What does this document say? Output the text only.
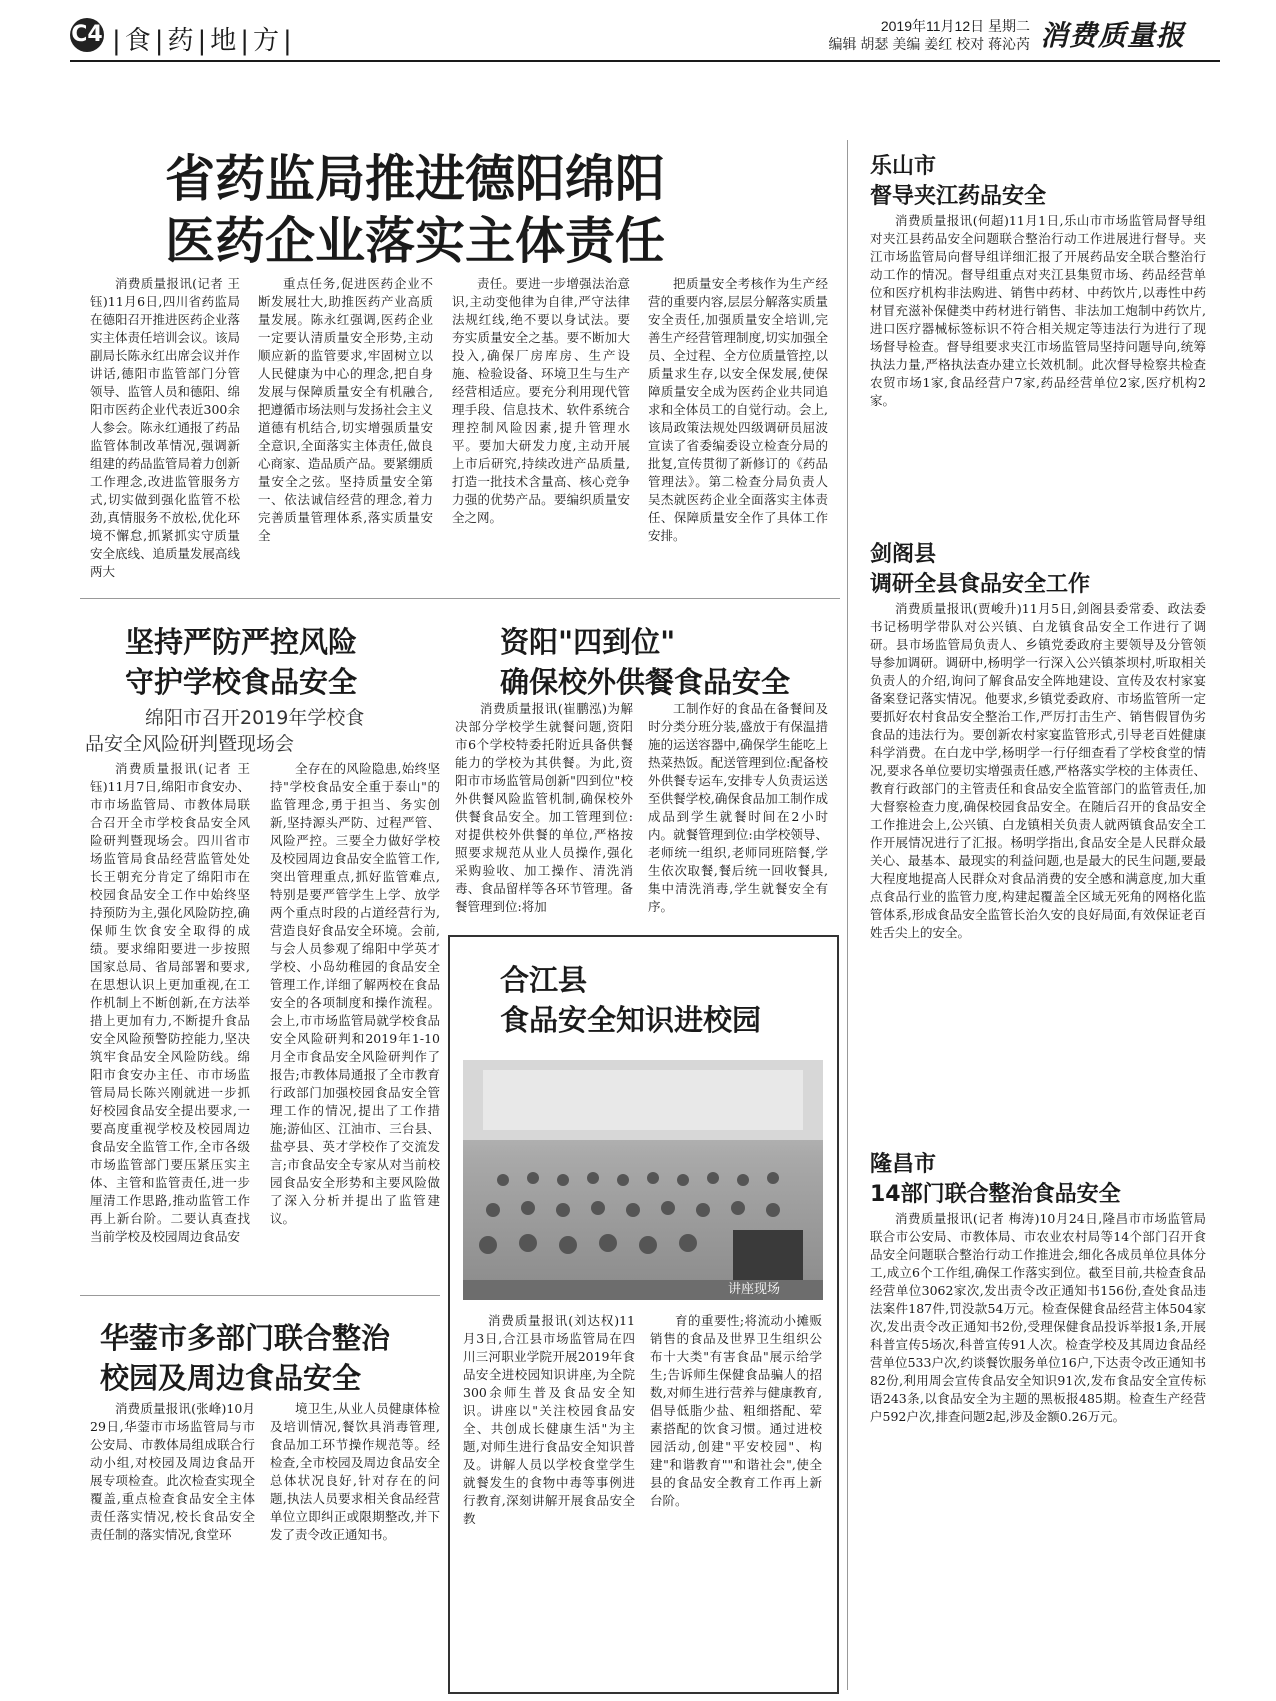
C4 |食|药|地|方|	2019年11月12日 星期二
编辑 胡瑟 美编 姜红 校对 蒋沁芮 消费质量报
省药监局推进德阳绵阳
医药企业落实主体责任
消费质量报讯(记者 王钰)11月6日,四川省药监局在德阳召开推进医药企业落实主体责任培训会议。该局副局长陈永红出席会议并作讲话,德阳市监管部门分管领导、监管人员和德阳、绵阳市医药企业代表近300余人参会。陈永红通报了药品监管体制改革情况,强调新组建的药品监管局着力创新工作理念,改进监管服务方式,切实做到强化监管不松劲,真情服务不放松,优化环境不懈怠,抓紧抓实守质量安全底线、追质量发展高线两大
重点任务,促进医药企业不断发展壮大,助推医药产业高质量发展。陈永红强调,医药企业一定要认清质量安全形势,主动顺应新的监管要求,牢固树立以人民健康为中心的理念,把自身发展与保障质量安全有机融合,把遵循市场法则与发扬社会主义道德有机结合,切实增强质量安全意识,全面落实主体责任,做良心商家、造品质产品。要紧绷质量安全之弦。坚持质量安全第一、依法诚信经营的理念,着力完善质量管理体系,落实质量安全
责任。要进一步增强法治意识,主动变他律为自律,严守法律法规红线,绝不要以身试法。要夯实质量安全之基。要不断加大投入,确保厂房库房、生产设施、检验设备、环境卫生与生产经营相适应。要充分利用现代管理手段、信息技术、软件系统合理控制风险因素,提升管理水平。要加大研发力度,主动开展上市后研究,持续改进产品质量,打造一批技术含量高、核心竞争力强的优势产品。要编织质量安全之网。
把质量安全考核作为生产经营的重要内容,层层分解落实质量安全责任,加强质量安全培训,完善生产经营管理制度,切实加强全员、全过程、全方位质量管控,以质量求生存,以安全保发展,使保障质量安全成为医药企业共同追求和全体员工的自觉行动。会上,该局政策法规处四级调研员屈波宣读了省委编委设立检查分局的批复,宣传贯彻了新修订的《药品管理法》。第二检查分局负责人吴杰就医药企业全面落实主体责任、保障质量安全作了具体工作安排。
坚持严防严控风险
守护学校食品安全
绵阳市召开2019年学校食
品安全风险研判暨现场会
消费质量报讯(记者 王钰)11月7日,绵阳市食安办、市市场监管局、市教体局联合召开全市学校食品安全风险研判暨现场会。四川省市场监管局食品经营监管处处长王朝充分肯定了绵阳市在校园食品安全工作中始终坚持预防为主,强化风险防控,确保师生饮食安全取得的成绩。要求绵阳要进一步按照国家总局、省局部署和要求,在思想认识上更加重视,在工作机制上不断创新,在方法举措上更加有力,不断提升食品安全风险预警防控能力,坚决筑牢食品安全风险防线。绵阳市食安办主任、市市场监管局局长陈兴刚就进一步抓好校园食品安全提出要求,一要高度重视学校及校园周边食品安全监管工作,全市各级市场监管部门要压紧压实主体、主管和监管责任,进一步厘清工作思路,推动监管工作再上新台阶。二要认真查找当前学校及校园周边食品安
全存在的风险隐患,始终坚持"学校食品安全重于泰山"的监管理念,勇于担当、务实创新,坚持源头严防、过程严管、风险严控。三要全力做好学校及校园周边食品安全监管工作,突出管理重点,抓好监管难点,特别是要严管学生上学、放学两个重点时段的占道经营行为,营造良好食品安全环境。会前,与会人员参观了绵阳中学英才学校、小岛幼稚园的食品安全管理工作,详细了解两校在食品安全的各项制度和操作流程。会上,市市场监管局就学校食品安全风险研判和2019年1-10月全市食品安全风险研判作了报告;市教体局通报了全市教育行政部门加强校园食品安全管理工作的情况,提出了工作措施;游仙区、江油市、三台县、盐亭县、英才学校作了交流发言;市食品安全专家从对当前校园食品安全形势和主要风险做了深入分析并提出了监管建议。
资阳"四到位"
确保校外供餐食品安全
消费质量报讯(崔鹏泓)为解决部分学校学生就餐问题,资阳市6个学校特委托附近具备供餐能力的学校为其供餐。为此,资阳市市场监管局创新"四到位"校外供餐风险监管机制,确保校外供餐食品安全。加工管理到位:对提供校外供餐的单位,严格按照要求规范从业人员操作,强化采购验收、加工操作、清洗消毒、食品留样等各环节管理。备餐管理到位:将加
工制作好的食品在备餐间及时分类分班分装,盛放于有保温措施的运送容器中,确保学生能吃上热菜热饭。配送管理到位:配备校外供餐专运车,安排专人负责运送至供餐学校,确保食品加工制作成成品到学生就餐时间在2小时内。就餐管理到位:由学校领导、老师统一组织,老师同班陪餐,学生依次取餐,餐后统一回收餐具,集中清洗消毒,学生就餐安全有序。
合江县
食品安全知识进校园
讲座现场
消费质量报讯(刘达权)11月3日,合江县市场监管局在四川三河职业学院开展2019年食品安全进校园知识讲座,为全院300余师生普及食品安全知识。讲座以"关注校园食品安全、共创成长健康生活"为主题,对师生进行食品安全知识普及。讲解人员以学校食堂学生就餐发生的食物中毒等事例进行教育,深刻讲解开展食品安全教
育的重要性;将流动小摊贩销售的食品及世界卫生组织公布十大类"有害食品"展示给学生;告诉师生保健食品骗人的招数,对师生进行营养与健康教育,倡导低脂少盐、粗细搭配、荤素搭配的饮食习惯。通过进校园活动,创建"平安校园"、构建"和谐教育""和谐社会",使全县的食品安全教育工作再上新台阶。
华蓥市多部门联合整治
校园及周边食品安全
消费质量报讯(张峰)10月29日,华蓥市市场监管局与市公安局、市教体局组成联合行动小组,对校园及周边食品开展专项检查。此次检查实现全覆盖,重点检查食品安全主体责任落实情况,校长食品安全责任制的落实情况,食堂环
境卫生,从业人员健康体检及培训情况,餐饮具消毒管理,食品加工环节操作规范等。经检查,全市校园及周边食品安全总体状况良好,针对存在的问题,执法人员要求相关食品经营单位立即纠正或限期整改,并下发了责令改正通知书。
乐山市
督导夹江药品安全
消费质量报讯(何超)11月1日,乐山市市场监管局督导组对夹江县药品安全问题联合整治行动工作进展进行督导。夹江市场监管局向督导组详细汇报了开展药品安全联合整治行动工作的情况。督导组重点对夹江县集贸市场、药品经营单位和医疗机构非法购进、销售中药材、中药饮片,以毒性中药材冒充滋补保健类中药材进行销售、非法加工炮制中药饮片,进口医疗器械标签标识不符合相关规定等违法行为进行了现场督导检查。督导组要求夹江市场监管局坚持问题导向,统筹执法力量,严格执法查办建立长效机制。此次督导检察共检查农贸市场1家,食品经营户7家,药品经营单位2家,医疗机构2家。
剑阁县
调研全县食品安全工作
消费质量报讯(贾峻升)11月5日,剑阁县委常委、政法委书记杨明学带队对公兴镇、白龙镇食品安全工作进行了调研。县市场监管局负责人、乡镇党委政府主要领导及分管领导参加调研。调研中,杨明学一行深入公兴镇茶坝村,听取相关负责人的介绍,询问了解食品安全阵地建设、宣传及农村家宴备案登记落实情况。他要求,乡镇党委政府、市场监管所一定要抓好农村食品安全整治工作,严厉打击生产、销售假冒伪劣食品的违法行为。要创新农村家宴监管形式,引导老百姓健康科学消费。在白龙中学,杨明学一行仔细查看了学校食堂的情况,要求各单位要切实增强责任感,严格落实学校的主体责任、教育行政部门的主管责任和食品安全监管部门的监管责任,加大督察检查力度,确保校园食品安全。在随后召开的食品安全工作推进会上,公兴镇、白龙镇相关负责人就两镇食品安全工作开展情况进行了汇报。杨明学指出,食品安全是人民群众最关心、最基本、最现实的利益问题,也是最大的民生问题,要最大程度地提高人民群众对食品消费的安全感和满意度,加大重点食品行业的监管力度,构建起覆盖全区域无死角的网格化监管体系,形成食品安全监管长治久安的良好局面,有效保证老百姓舌尖上的安全。
隆昌市
14部门联合整治食品安全
消费质量报讯(记者 梅涛)10月24日,隆昌市市场监管局联合市公安局、市教体局、市农业农村局等14个部门召开食品安全问题联合整治行动工作推进会,细化各成员单位具体分工,成立6个工作组,确保工作落实到位。截至目前,共检查食品经营单位3062家次,发出责令改正通知书156份,查处食品违法案件187件,罚没款54万元。检查保健食品经营主体504家次,发出责令改正通知书2份,受理保健食品投诉举报1条,开展科普宣传5场次,科普宣传91人次。检查学校及其周边食品经营单位533户次,约谈餐饮服务单位16户,下达责令改正通知书82份,利用周会宣传食品安全知识91次,发布食品安全宣传标语243条,以食品安全为主题的黑板报485期。检查生产经营户592户次,排查问题2起,涉及金额0.26万元。
